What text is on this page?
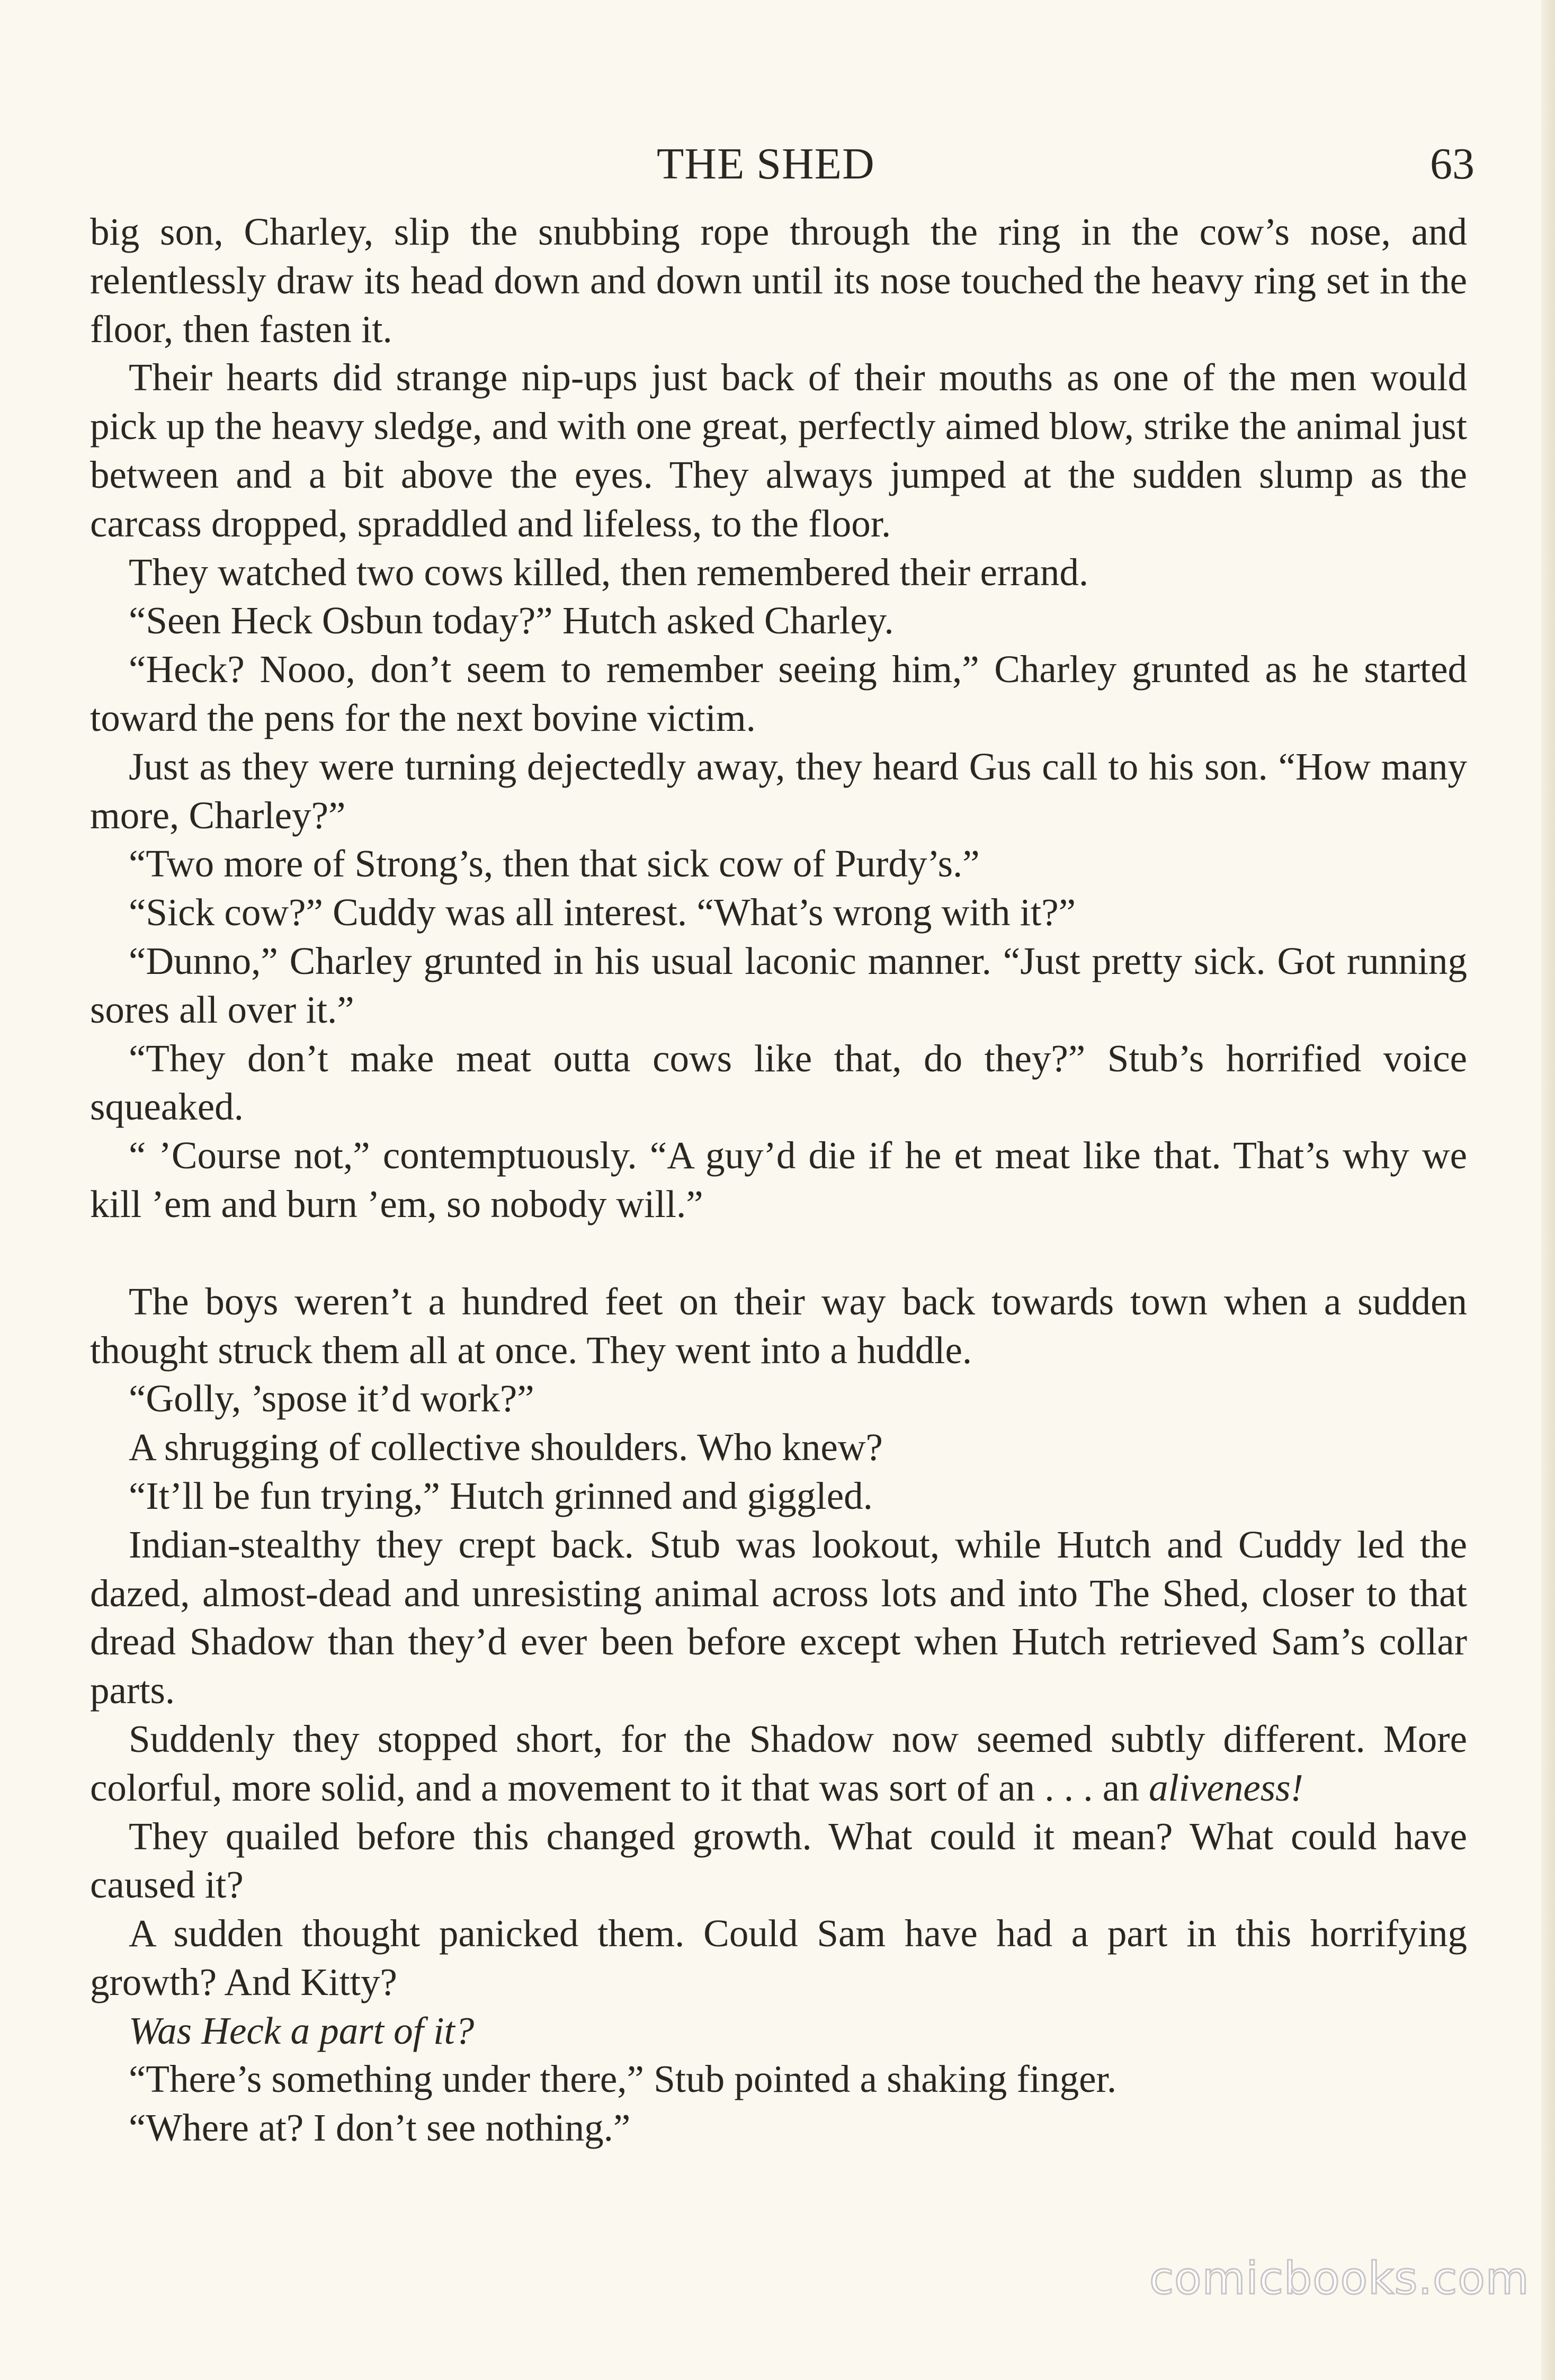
THE SHED	63

big son, Charley, slip the snubbing rope through the ring in the cow’s nose, and relentlessly draw its head down and down until its nose touched the heavy ring set in the floor, then fasten it.

Their hearts did strange nip-ups just back of their mouths as one of the men would pick up the heavy sledge, and with one great, perfectly aimed blow, strike the animal just between and a bit above the eyes. They always jumped at the sudden slump as the carcass dropped, spraddled and lifeless, to the floor.

They watched two cows killed, then remembered their errand.

“Seen Heck Osbun today?” Hutch asked Charley.

“Heck? Nooo, don’t seem to remember seeing him,” Charley grunted as he started toward the pens for the next bovine victim.

Just as they were turning dejectedly away, they heard Gus call to his son. “How many more, Charley?”

“Two more of Strong’s, then that sick cow of Purdy’s.”

“Sick cow?” Cuddy was all interest. “What’s wrong with it?”

“Dunno,” Charley grunted in his usual laconic manner. “Just pretty sick. Got running sores all over it.”

“They don’t make meat outta cows like that, do they?” Stub’s horrified voice squeaked.

“ ’Course not,” contemptuously. “A guy’d die if he et meat like that. That’s why we kill ’em and burn ’em, so nobody will.”

The boys weren’t a hundred feet on their way back towards town when a sudden thought struck them all at once. They went into a huddle.

“Golly, ’spose it’d work?”

A shrugging of collective shoulders. Who knew?

“It’ll be fun trying,” Hutch grinned and giggled.

Indian-stealthy they crept back. Stub was lookout, while Hutch and Cuddy led the dazed, almost-dead and unresisting animal across lots and into The Shed, closer to that dread Shadow than they’d ever been before except when Hutch retrieved Sam’s collar parts.

Suddenly they stopped short, for the Shadow now seemed subtly different. More colorful, more solid, and a movement to it that was sort of an . . . an aliveness!

They quailed before this changed growth. What could it mean? What could have caused it?

A sudden thought panicked them. Could Sam have had a part in this horrifying growth? And Kitty?

Was Heck a part of it?

“There’s something under there,” Stub pointed a shaking finger.

“Where at? I don’t see nothing.”

comicbooks.com
